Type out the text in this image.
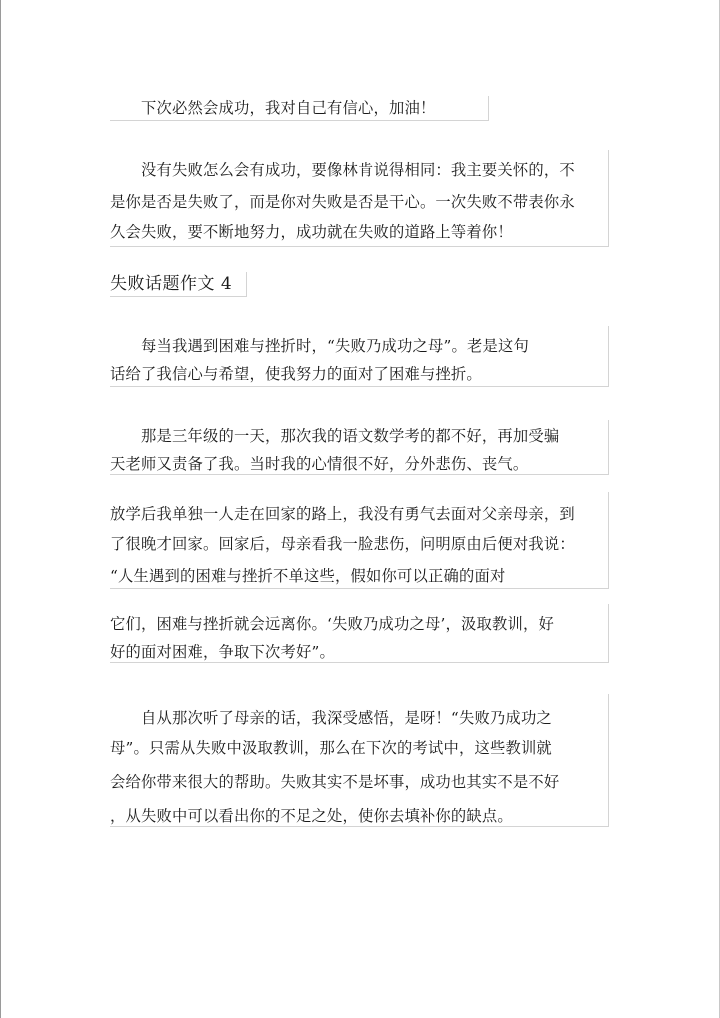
　　下次必然会成功，我对自己有信心，加油！
　　没有失败怎么会有成功，要像林肯说得相同：我主要关怀的，不
是你是否是失败了，而是你对失败是否是干心。一次失败不带表你永
久会失败，要不断地努力，成功就在失败的道路上等着你！
失败话题作文 4
　　每当我遇到困难与挫折时，“失败乃成功之母”。老是这句
话给了我信心与希望，使我努力的面对了困难与挫折。
　　那是三年级的一天，那次我的语文数学考的都不好，再加受骗
天老师又责备了我。当时我的心情很不好，分外悲伤、丧气。
放学后我单独一人走在回家的路上，我没有勇气去面对父亲母亲，到
了很晚才回家。回家后，母亲看我一脸悲伤，问明原由后便对我说：
“人生遇到的困难与挫折不单这些，假如你可以正确的面对
它们，困难与挫折就会远离你。‘失败乃成功之母’，汲取教训，好
好的面对困难，争取下次考好”。
　　自从那次听了母亲的话，我深受感悟，是呀！“失败乃成功之
母”。只需从失败中汲取教训，那么在下次的考试中，这些教训就
会给你带来很大的帮助。失败其实不是坏事，成功也其实不是不好
，从失败中可以看出你的不足之处，使你去填补你的缺点。
